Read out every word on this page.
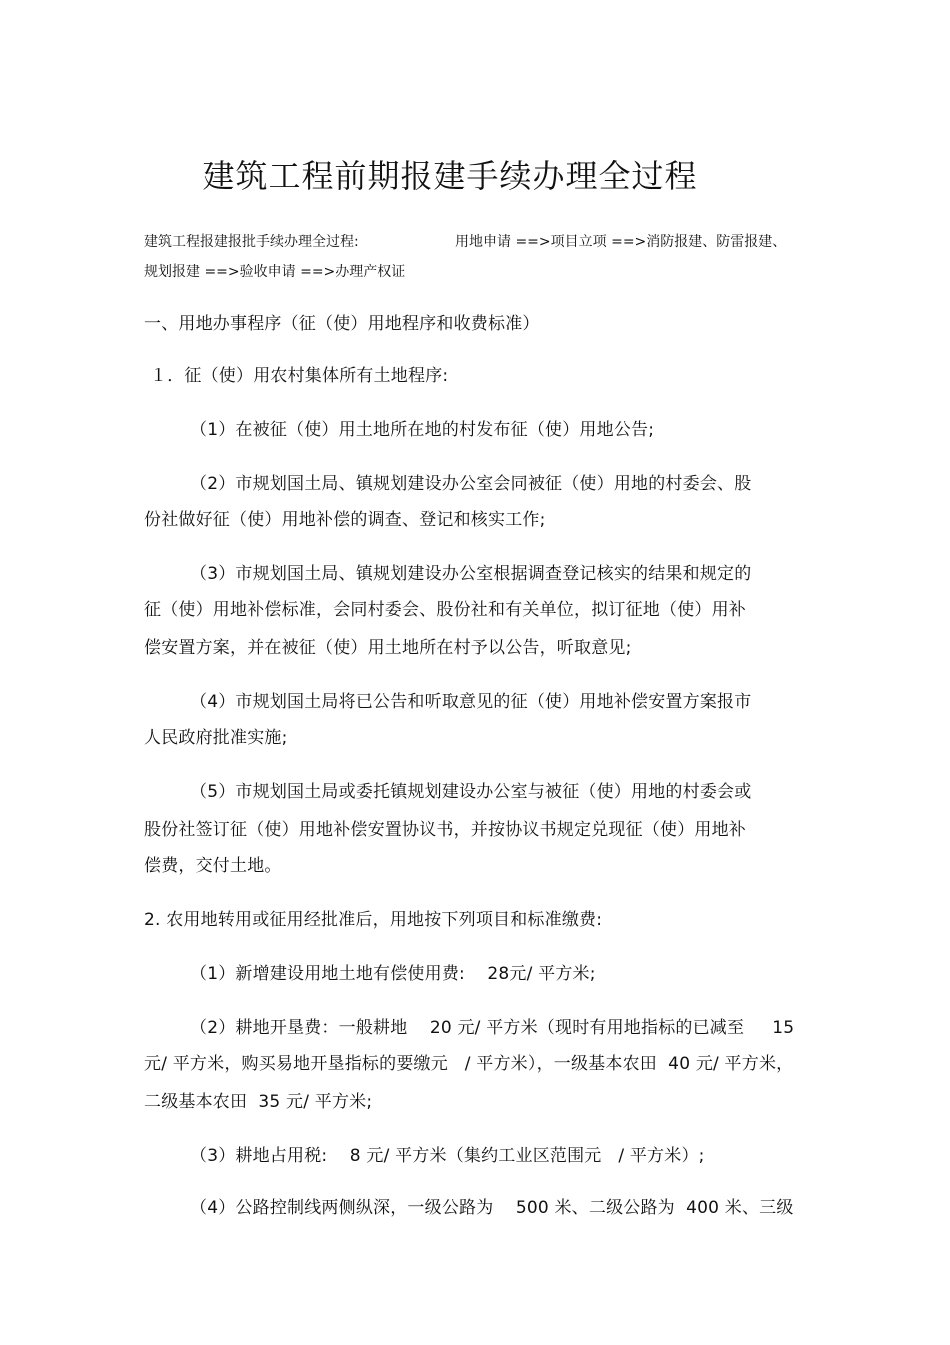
建筑工程前期报建手续办理全过程
建筑工程报建报批手续办理全过程:	用地申请 ==>项目立项 ==>消防报建、防雷报建、
规划报建 ==>验收申请 ==>办理产权证
一、用地办事程序（征（使）用地程序和收费标准）
１．征（使）用农村集体所有土地程序:
（1）在被征（使）用土地所在地的村发布征（使）用地公告;
（2）市规划国土局、镇规划建设办公室会同被征（使）用地的村委会、股
份社做好征（使）用地补偿的调查、登记和核实工作;
（3）市规划国土局、镇规划建设办公室根据调查登记核实的结果和规定的
征（使）用地补偿标准，会同村委会、股份社和有关单位，拟订征地（使）用补
偿安置方案，并在被征（使）用土地所在村予以公告，听取意见;
（4）市规划国土局将已公告和听取意见的征（使）用地补偿安置方案报市
人民政府批准实施;
（5）市规划国土局或委托镇规划建设办公室与被征（使）用地的村委会或
股份社签订征（使）用地补偿安置协议书，并按协议书规定兑现征（使）用地补
偿费，交付土地。
2. 农用地转用或征用经批准后，用地按下列项目和标准缴费:
（1）新增建设用地土地有偿使用费:    28元/ 平方米;
（2）耕地开垦费：一般耕地    20 元/ 平方米（现时有用地指标的已减至     15
元/ 平方米，购买易地开垦指标的要缴元   / 平方米），一级基本农田  40 元/ 平方米，
二级基本农田  35 元/ 平方米;
（3）耕地占用税:    8 元/ 平方米（集约工业区范围元   / 平方米）;
（4）公路控制线两侧纵深，一级公路为    500 米、二级公路为  400 米、三级
